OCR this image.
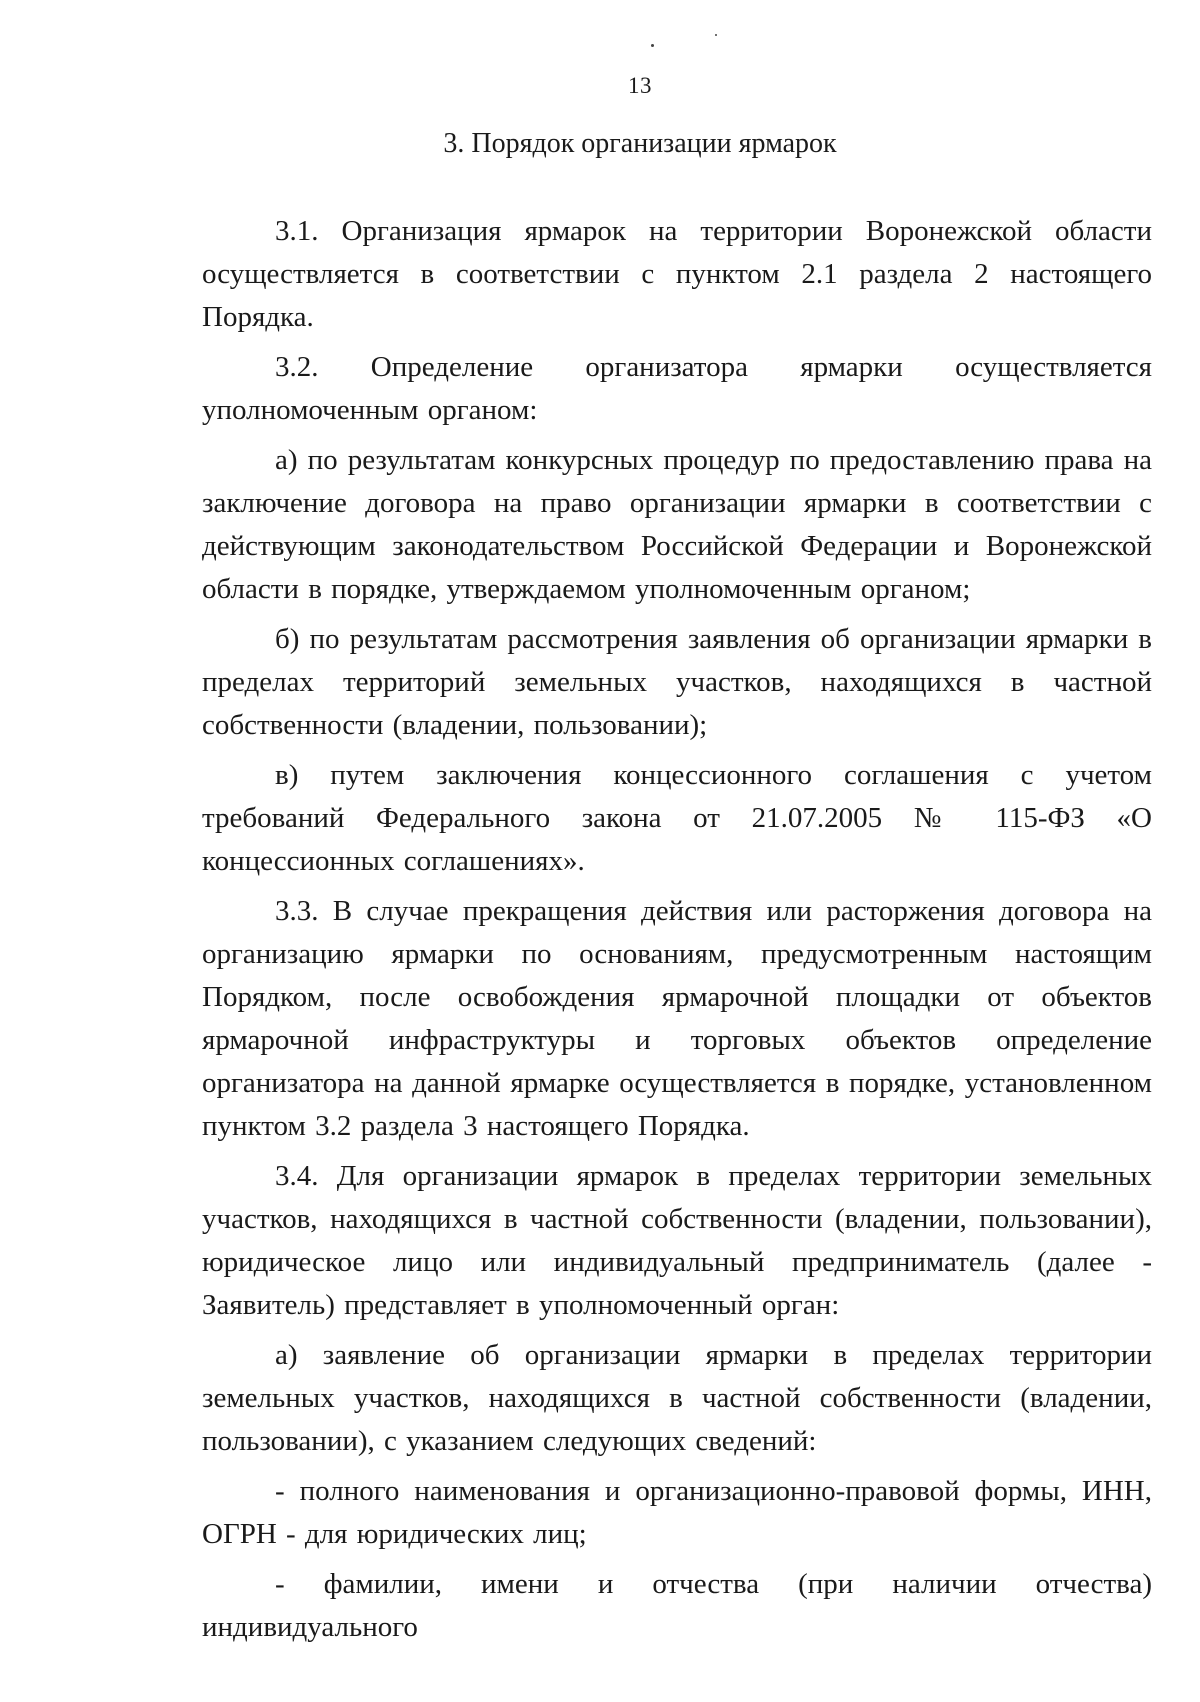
13
3. Порядок организации ярмарок

3.1. Организация ярмарок на территории Воронежской области осуществляется в соответствии с пунктом 2.1 раздела 2 настоящего Порядка.

3.2. Определение организатора ярмарки осуществляется уполномоченным органом:

а) по результатам конкурсных процедур по предоставлению права на заключение договора на право организации ярмарки в соответствии с действующим законодательством Российской Федерации и Воронежской области в порядке, утверждаемом уполномоченным органом;

б) по результатам рассмотрения заявления об организации ярмарки в пределах территорий земельных участков, находящихся в частной собственности (владении, пользовании);

в) путем заключения концессионного соглашения с учетом требований Федерального закона от 21.07.2005 № 115-ФЗ «О концессионных соглашениях».

3.3. В случае прекращения действия или расторжения договора на организацию ярмарки по основаниям, предусмотренным настоящим Порядком, после освобождения ярмарочной площадки от объектов ярмарочной инфраструктуры и торговых объектов определение организатора на данной ярмарке осуществляется в порядке, установленном пунктом 3.2 раздела 3 настоящего Порядка.

3.4. Для организации ярмарок в пределах территории земельных участков, находящихся в частной собственности (владении, пользовании), юридическое лицо или индивидуальный предприниматель (далее - Заявитель) представляет в уполномоченный орган:

а) заявление об организации ярмарки в пределах территории земельных участков, находящихся в частной собственности (владении, пользовании), с указанием следующих сведений:

- полного наименования и организационно-правовой формы, ИНН, ОГРН - для юридических лиц;

- фамилии, имени и отчества (при наличии отчества) индивидуального
